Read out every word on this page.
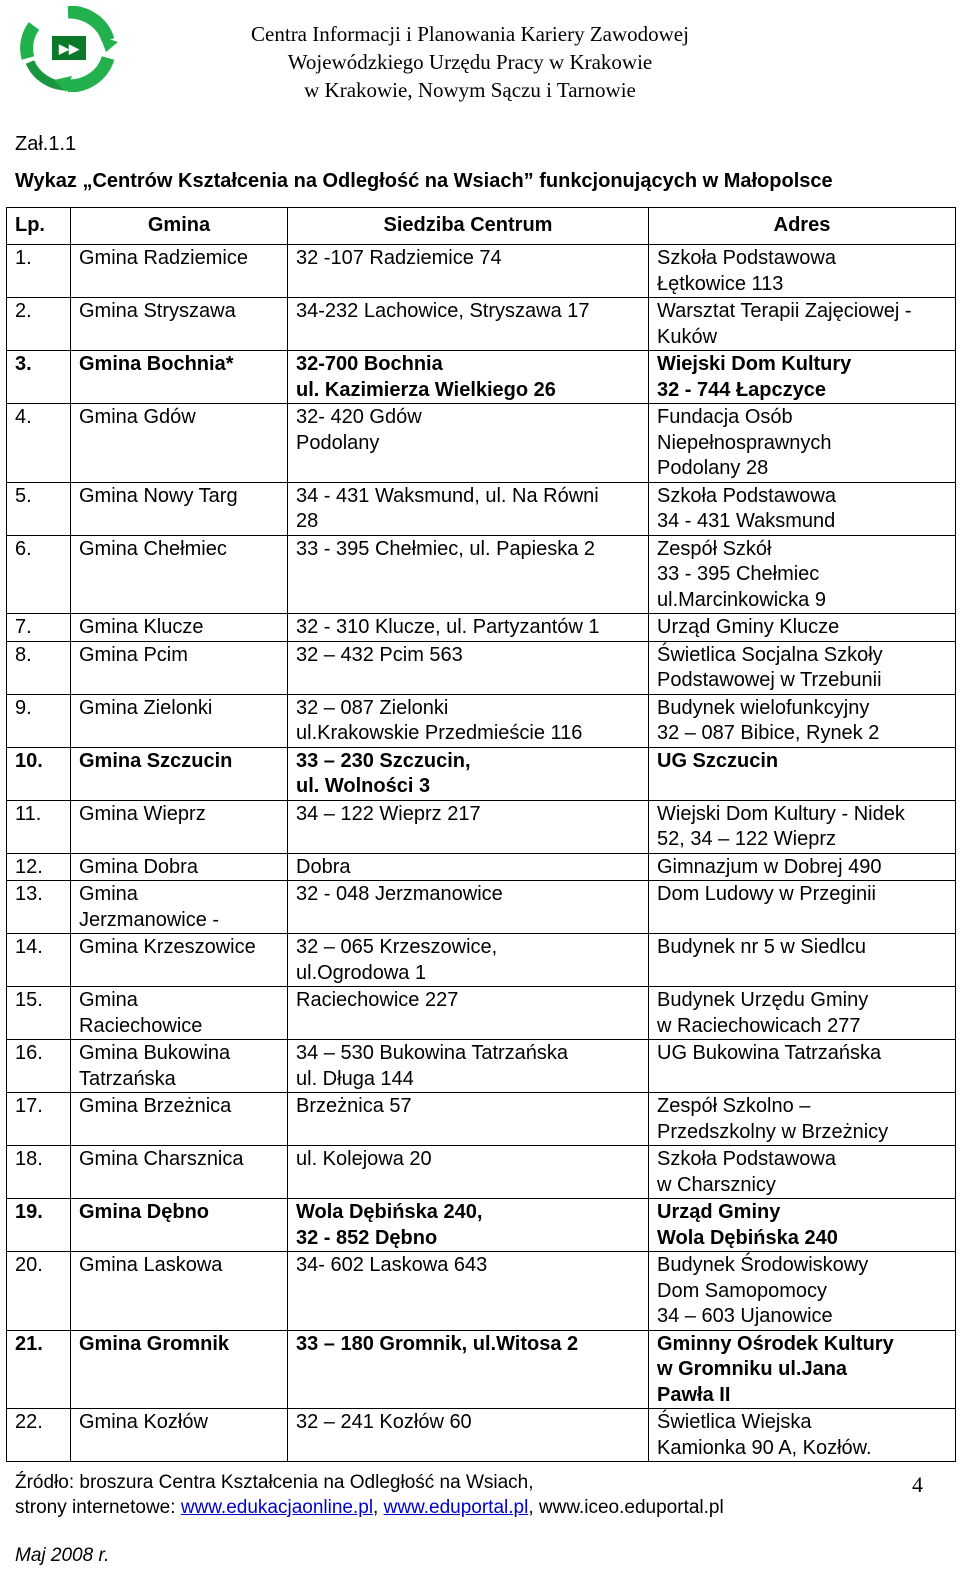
▶▶
Centra Informacji i Planowania Kariery Zawodowej
Wojewódzkiego Urzędu Pracy w Krakowie
w Krakowie, Nowym Sączu i Tarnowie
Zał.1.1
Wykaz „Centrów Kształcenia na Odległość na Wsiach” funkcjonujących w Małopolsce
Lp.	Gmina	Siedziba Centrum	Adres
1.	Gmina Radziemice	32 -107 Radziemice 74	Szkoła Podstawowa
Łętkowice 113

2.	Gmina Stryszawa	34-232 Lachowice, Stryszawa 17	Warsztat Terapii Zajęciowej -
Kuków

3.	Gmina Bochnia*	32-700 Bochnia
ul. Kazimierza Wielkiego 26	Wiejski Dom Kultury
32 - 744 Łapczyce

4.	Gmina Gdów	32- 420 Gdów
Podolany	Fundacja Osób
Niepełnosprawnych
Podolany 28

5.	Gmina Nowy Targ	34 - 431 Waksmund, ul. Na Równi
28	Szkoła Podstawowa
34 - 431 Waksmund

6.	Gmina Chełmiec	33 - 395 Chełmiec, ul. Papieska 2	Zespół Szkół
33 - 395 Chełmiec
ul.Marcinkowicka 9

7.	Gmina Klucze	32 - 310 Klucze, ul. Partyzantów 1	Urząd Gminy Klucze

8.	Gmina Pcim	32 – 432 Pcim 563	Świetlica Socjalna Szkoły
Podstawowej w Trzebunii

9.	Gmina Zielonki	32 – 087 Zielonki
ul.Krakowskie Przedmieście 116	Budynek wielofunkcyjny
32 – 087 Bibice, Rynek 2

10.	Gmina Szczucin	33 – 230 Szczucin,
ul. Wolności 3	UG Szczucin

11.	Gmina Wieprz	34 – 122 Wieprz 217	Wiejski Dom Kultury - Nidek
52, 34 – 122 Wieprz

12.	Gmina Dobra	Dobra	Gimnazjum w Dobrej 490

13.	Gmina
Jerzmanowice -	32 - 048 Jerzmanowice	Dom Ludowy w Przeginii

14.	Gmina Krzeszowice	32 – 065 Krzeszowice,
ul.Ogrodowa 1	Budynek nr 5 w Siedlcu

15.	Gmina
Raciechowice	Raciechowice 227	Budynek Urzędu Gminy
w Raciechowicach 277

16.	Gmina Bukowina
Tatrzańska	34 – 530 Bukowina Tatrzańska
ul. Długa 144	UG Bukowina Tatrzańska

17.	Gmina Brzeżnica	Brzeżnica 57	Zespół Szkolno –
Przedszkolny w Brzeżnicy

18.	Gmina Charsznica	ul. Kolejowa 20	Szkoła Podstawowa
w Charsznicy

19.	Gmina Dębno	Wola Dębińska 240,
32 - 852 Dębno	Urząd Gminy
Wola Dębińska 240

20.	Gmina Laskowa	34- 602 Laskowa 643	Budynek Środowiskowy
Dom Samopomocy
34 – 603 Ujanowice

21.	Gmina Gromnik	33 – 180 Gromnik, ul.Witosa 2	Gminny Ośrodek Kultury
w Gromniku ul.Jana
Pawła II

22.	Gmina Kozłów	32 – 241 Kozłów 60	Świetlica Wiejska
Kamionka 90 A, Kozłów.
Źródło: broszura Centra Kształcenia na Odległość na Wsiach,
strony internetowe: www.edukacjaonline.pl, www.eduportal.pl, www.iceo.eduportal.pl
4
Maj 2008 r.
